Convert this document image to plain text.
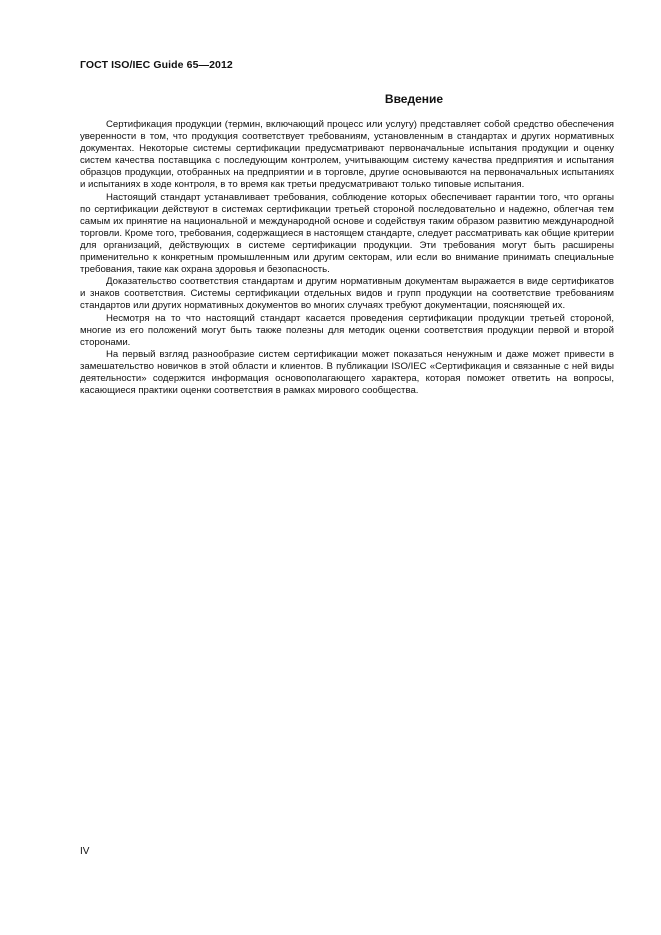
ГОСТ ISO/IEC Guide 65—2012
Введение

Сертификация продукции (термин, включающий процесс или услугу) представляет собой средство обеспечения уверенности в том, что продукция соответствует требованиям, установленным в стандартах и других нормативных документах. Некоторые системы сертификации предусматривают первоначальные испытания продукции и оценку систем качества поставщика с последующим контролем, учитывающим систему качества предприятия и испытания образцов продукции, отобранных на предприятии и в торговле, другие основываются на первоначальных испытаниях и испытаниях в ходе контроля, в то время как третьи предусматривают только типовые испытания.

Настоящий стандарт устанавливает требования, соблюдение которых обеспечивает гарантии того, что органы по сертификации действуют в системах сертификации третьей стороной последовательно и надежно, облегчая тем самым их принятие на национальной и международной основе и содействуя таким образом развитию международной торговли. Кроме того, требования, содержащиеся в настоящем стандарте, следует рассматривать как общие критерии для организаций, действующих в системе сертификации продукции. Эти требования могут быть расширены применительно к конкретным промышленным или другим секторам, или если во внимание принимать специальные требования, такие как охрана здоровья и безопасность.

Доказательство соответствия стандартам и другим нормативным документам выражается в виде сертификатов и знаков соответствия. Системы сертификации отдельных видов и групп продукции на соответствие требованиям стандартов или других нормативных документов во многих случаях требуют документации, поясняющей их.

Несмотря на то что настоящий стандарт касается проведения сертификации продукции третьей стороной, многие из его положений могут быть также полезны для методик оценки соответствия продукции первой и второй сторонами.

На первый взгляд разнообразие систем сертификации может показаться ненужным и даже может привести в замешательство новичков в этой области и клиентов. В публикации ISO/IEC «Сертификация и связанные с ней виды деятельности» содержится информация основополагающего характера, которая поможет ответить на вопросы, касающиеся практики оценки соответствия в рамках мирового сообщества.

IV
